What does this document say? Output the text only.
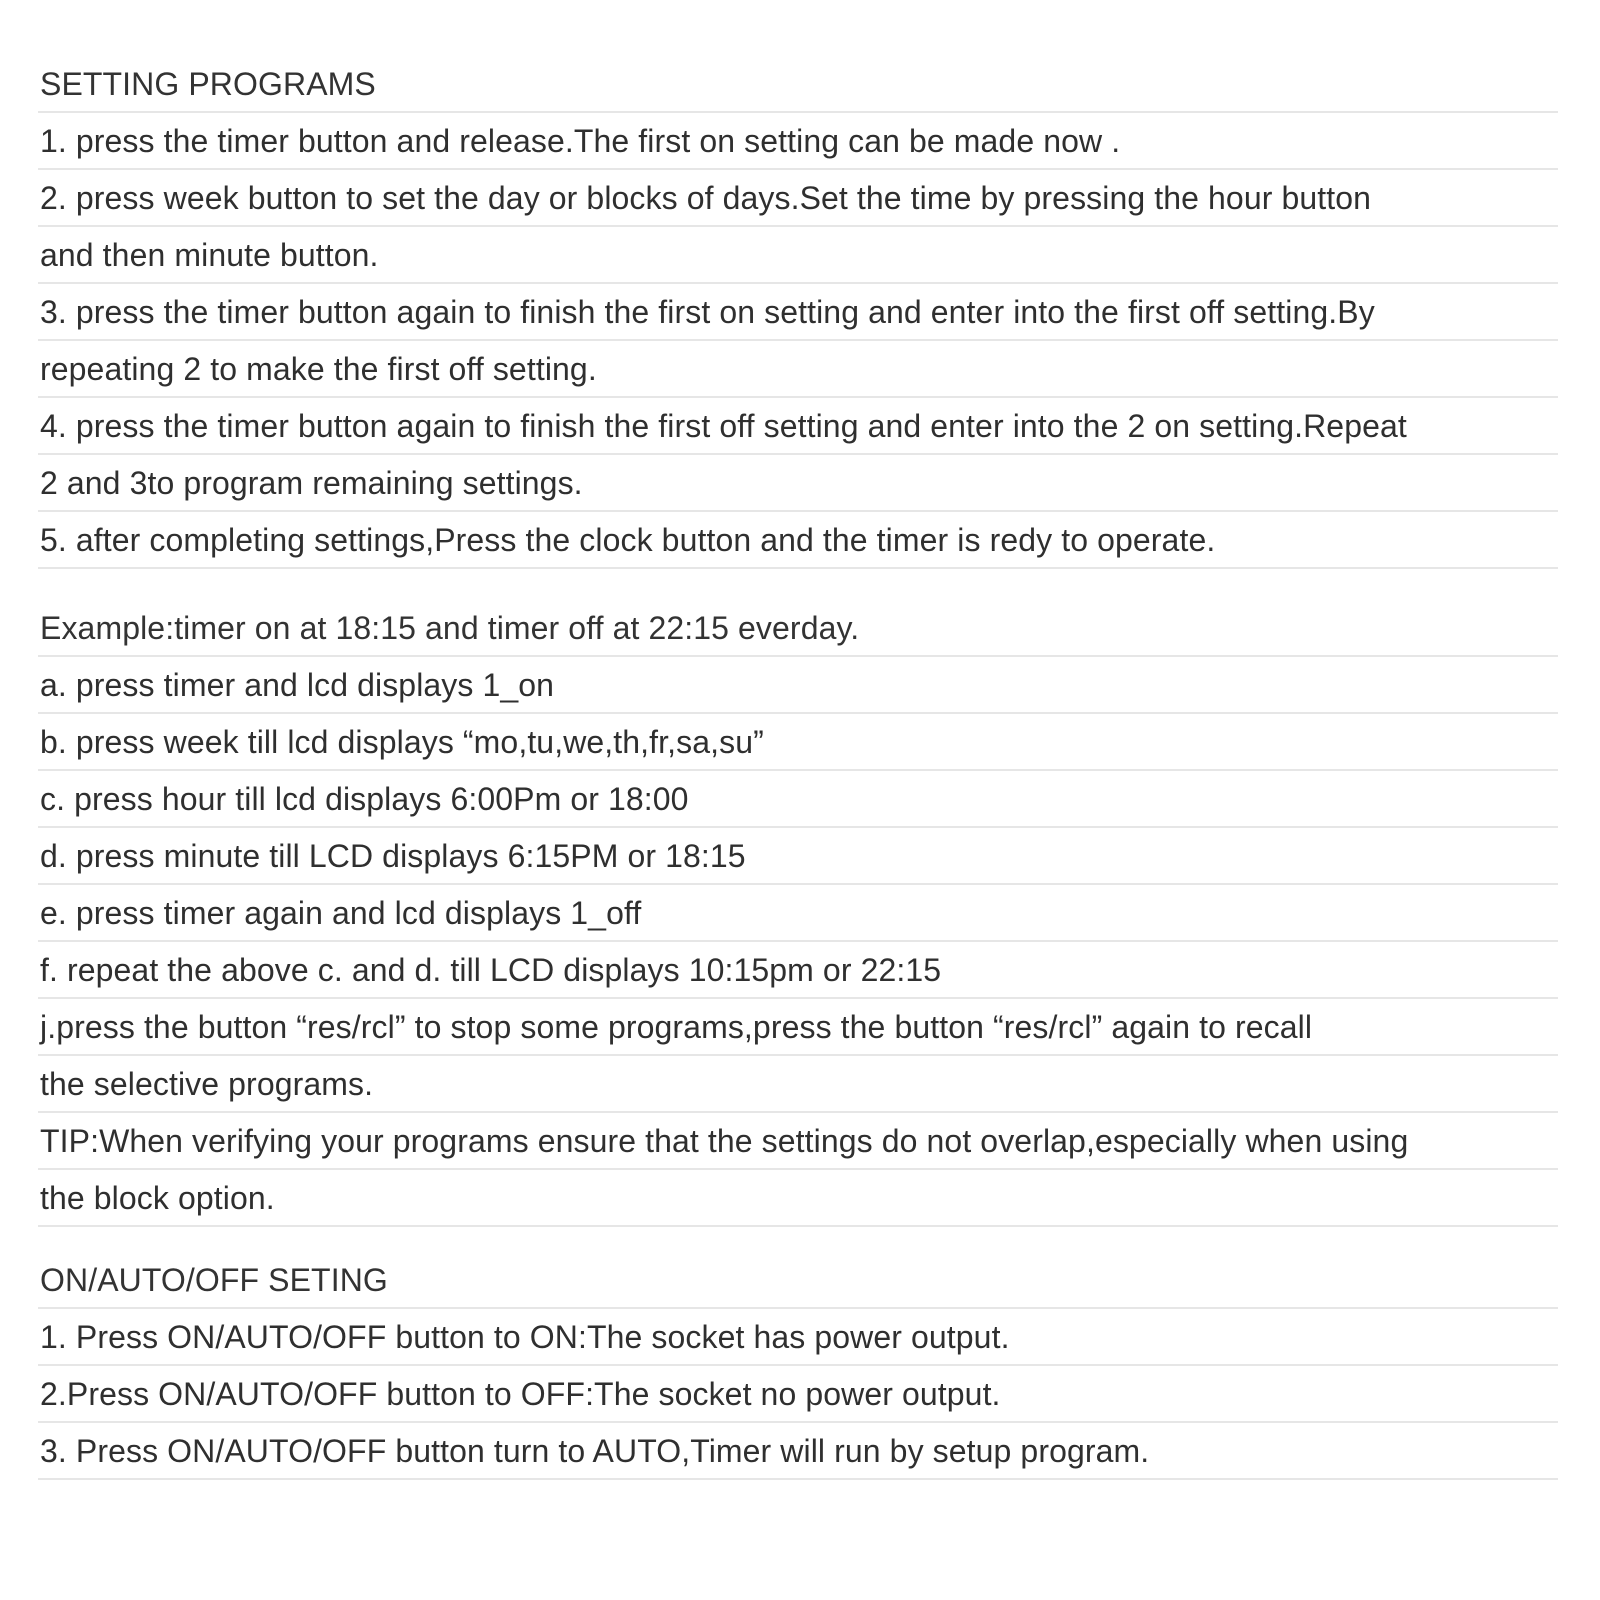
SETTING PROGRAMS
1. press the timer button and release.The first on setting can be made now .
2. press week button to set the day or blocks of days.Set the time by pressing the hour button
and then minute button.
3. press the timer button again to finish the first on setting and enter into the first off setting.By
repeating 2 to make the first off setting.
4. press the timer button again to finish the first off setting and enter into the 2 on setting.Repeat
2 and 3to program remaining settings.
5. after completing settings,Press the clock button and the timer is redy to operate.
Example:timer on at 18:15 and timer off at 22:15 everday.
a. press timer and lcd displays 1_on
b. press week till lcd displays “mo,tu,we,th,fr,sa,su”
c. press hour till lcd displays 6:00Pm or 18:00
d. press minute till LCD displays 6:15PM or 18:15
e. press timer again and lcd displays 1_off
f. repeat the above c. and d. till LCD displays 10:15pm or 22:15
j.press the button “res/rcl” to stop some programs,press the button “res/rcl” again to recall
the selective programs.
TIP:When verifying your programs ensure that the settings do not overlap,especially when using
the block option.
ON/AUTO/OFF SETING
1. Press ON/AUTO/OFF button to ON:The socket has power output.
2.Press ON/AUTO/OFF button to OFF:The socket no power output.
3. Press ON/AUTO/OFF button turn to AUTO,Timer will run by setup program.
